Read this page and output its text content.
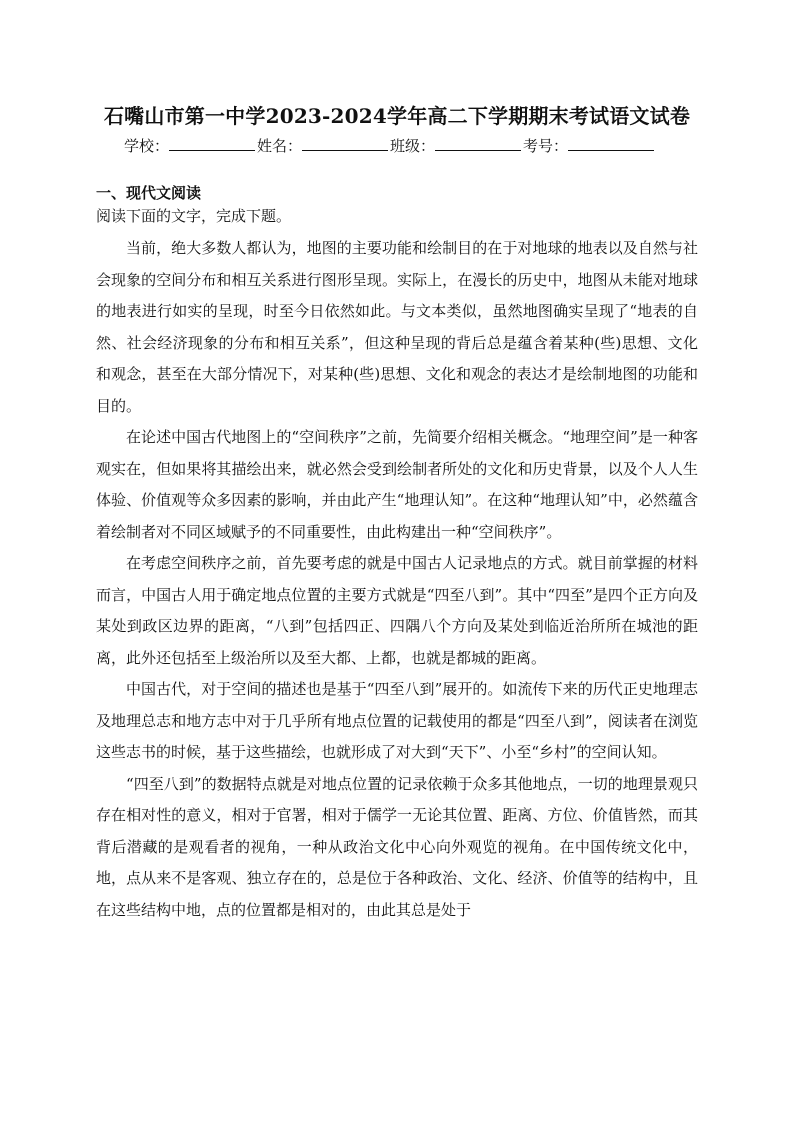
石嘴山市第一中学2023-2024学年高二下学期期末考试语文试卷
学校：	姓名：	班级：	考号：
一、现代文阅读
阅读下面的文字，完成下题。

当前，绝大多数人都认为，地图的主要功能和绘制目的在于对地球的地表以及自然与社会现象的空间分布和相互关系进行图形呈现。实际上，在漫长的历史中，地图从未能对地球的地表进行如实的呈现，时至今日依然如此。与文本类似，虽然地图确实呈现了“地表的自然、社会经济现象的分布和相互关系”，但这种呈现的背后总是蕴含着某种(些)思想、文化和观念，甚至在大部分情况下，对某种(些)思想、文化和观念的表达才是绘制地图的功能和目的。

在论述中国古代地图上的“空间秩序”之前，先简要介绍相关概念。“地理空间”是一种客观实在，但如果将其描绘出来，就必然会受到绘制者所处的文化和历史背景，以及个人人生体验、价值观等众多因素的影响，并由此产生“地理认知”。在这种“地理认知”中，必然蕴含着绘制者对不同区域赋予的不同重要性，由此构建出一种“空间秩序”。

在考虑空间秩序之前，首先要考虑的就是中国古人记录地点的方式。就目前掌握的材料而言，中国古人用于确定地点位置的主要方式就是“四至八到”。其中“四至”是四个正方向及某处到政区边界的距离，“八到”包括四正、四隅八个方向及某处到临近治所所在城池的距离，此外还包括至上级治所以及至大都、上都，也就是都城的距离。

中国古代，对于空间的描述也是基于“四至八到”展开的。如流传下来的历代正史地理志及地理总志和地方志中对于几乎所有地点位置的记载使用的都是“四至八到”，阅读者在浏览这些志书的时候，基于这些描绘，也就形成了对大到“天下”、小至“乡村”的空间认知。

“四至八到”的数据特点就是对地点位置的记录依赖于众多其他地点，一切的地理景观只存在相对性的意义，相对于官署，相对于儒学一无论其位置、距离、方位、价值皆然，而其背后潜藏的是观看者的视角，一种从政治文化中心向外观览的视角。在中国传统文化中，地，点从来不是客观、独立存在的，总是位于各种政治、文化、经济、价值等的结构中，且在这些结构中地，点的位置都是相对的，由此其总是处于
